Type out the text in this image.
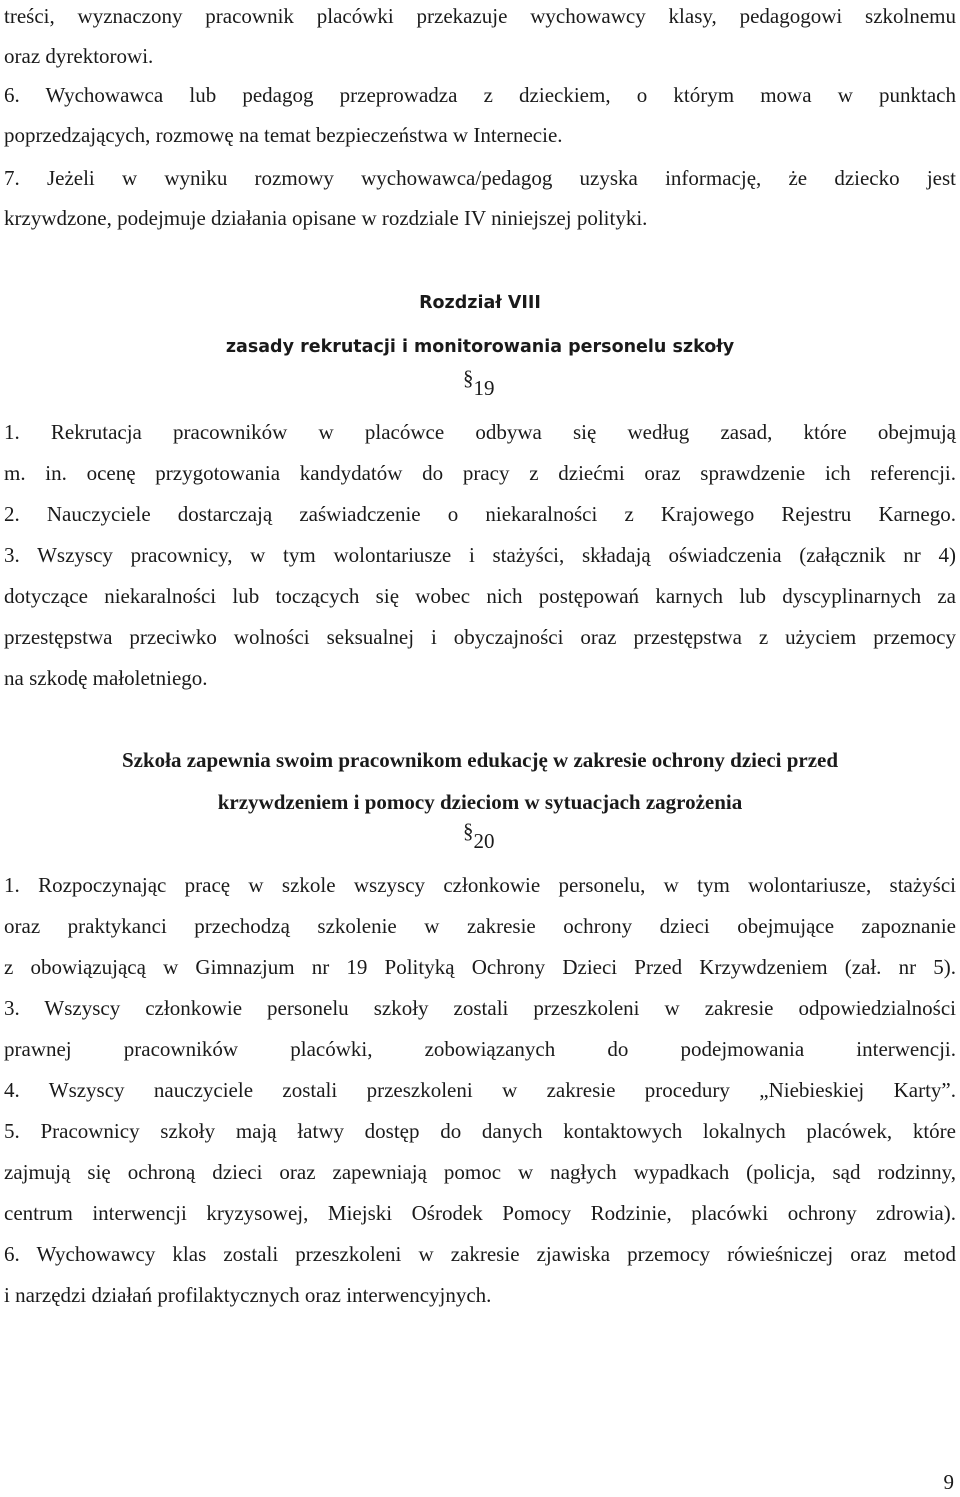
treści, wyznaczony pracownik placówki przekazuje wychowawcy klasy, pedagogowi szkolnemu
oraz dyrektorowi.
6. Wychowawca lub pedagog przeprowadza z dzieckiem, o którym mowa w punktach
poprzedzających, rozmowę na temat bezpieczeństwa w Internecie.
7. Jeżeli w wyniku rozmowy wychowawca/pedagog uzyska informację, że dziecko jest
krzywdzone, podejmuje działania opisane w rozdziale IV niniejszej polityki.
Rozdział VIII
zasady rekrutacji i monitorowania personelu szkoły
§19
1. Rekrutacja pracowników w placówce odbywa się według zasad, które obejmują
m. in. ocenę przygotowania kandydatów do pracy z dziećmi oraz sprawdzenie ich referencji.
2. Nauczyciele dostarczają zaświadczenie o niekaralności z Krajowego Rejestru Karnego.
3. Wszyscy pracownicy, w tym wolontariusze i stażyści, składają oświadczenia (załącznik nr 4)
dotyczące niekaralności lub toczących się wobec nich postępowań karnych lub dyscyplinarnych za
przestępstwa przeciwko wolności seksualnej i obyczajności oraz przestępstwa z użyciem przemocy
na szkodę małoletniego.
Szkoła zapewnia swoim pracownikom edukację w zakresie ochrony dzieci przed
krzywdzeniem i pomocy dzieciom w sytuacjach zagrożenia
§20
1. Rozpoczynając pracę w szkole wszyscy członkowie personelu, w tym wolontariusze, stażyści
oraz praktykanci przechodzą szkolenie w zakresie ochrony dzieci obejmujące zapoznanie
z obowiązującą w Gimnazjum nr 19 Polityką Ochrony Dzieci Przed Krzywdzeniem (zał. nr 5).
3. Wszyscy członkowie personelu szkoły zostali przeszkoleni w zakresie odpowiedzialności
prawnej pracowników placówki, zobowiązanych do podejmowania interwencji.
4. Wszyscy nauczyciele zostali przeszkoleni w zakresie procedury „Niebieskiej Karty”.
5. Pracownicy szkoły mają łatwy dostęp do danych kontaktowych lokalnych placówek, które
zajmują się ochroną dzieci oraz zapewniają pomoc w nagłych wypadkach (policja, sąd rodzinny,
centrum interwencji kryzysowej, Miejski Ośrodek Pomocy Rodzinie, placówki ochrony zdrowia).
6. Wychowawcy klas zostali przeszkoleni w zakresie zjawiska przemocy rówieśniczej oraz metod
i narzędzi działań profilaktycznych oraz interwencyjnych.
9
